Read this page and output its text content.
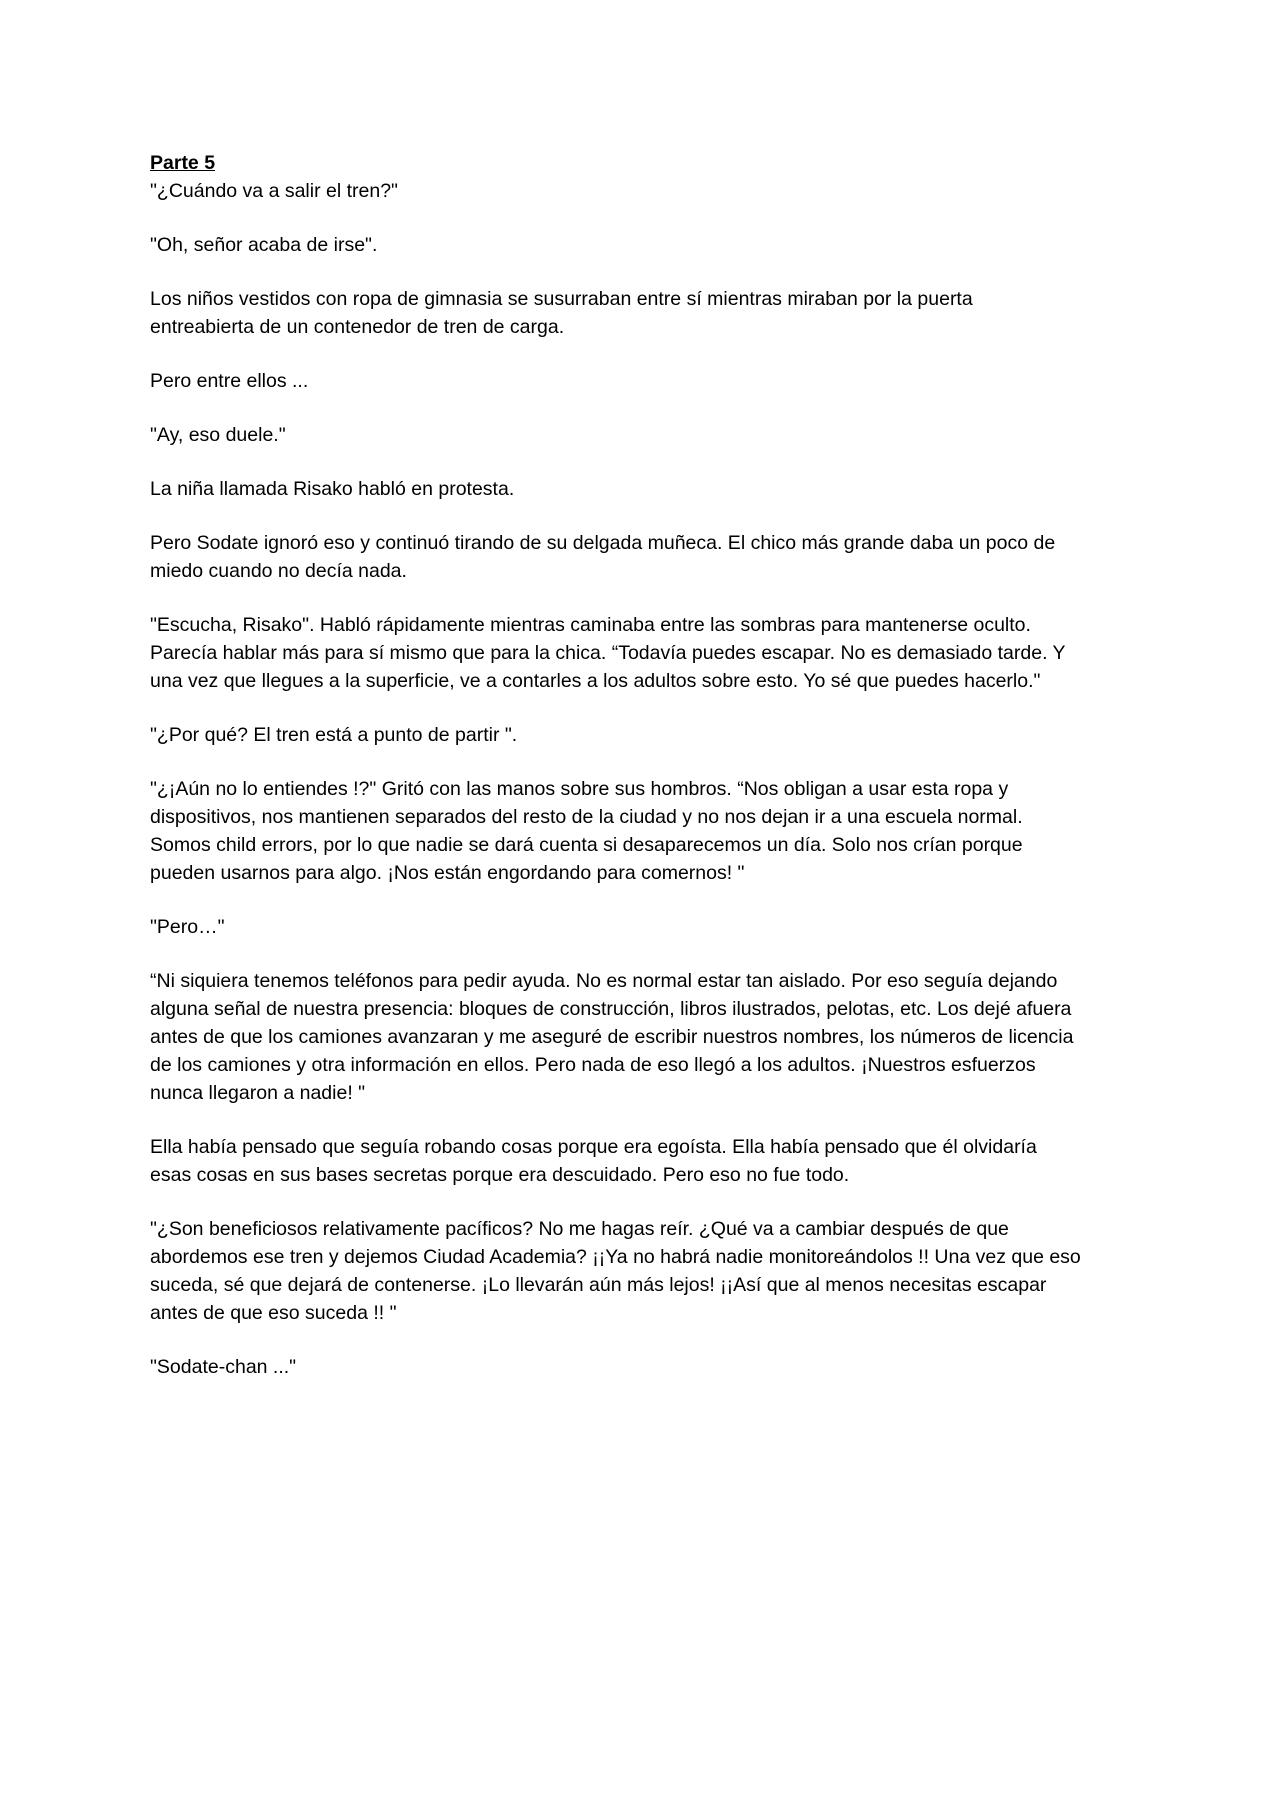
Parte 5

"¿Cuándo va a salir el tren?"

"Oh, señor acaba de irse".

Los niños vestidos con ropa de gimnasia se susurraban entre sí mientras miraban por la puerta entreabierta de un contenedor de tren de carga.

Pero entre ellos ...

"Ay, eso duele."

La niña llamada Risako habló en protesta.

Pero Sodate ignoró eso y continuó tirando de su delgada muñeca. El chico más grande daba un poco de miedo cuando no decía nada.

"Escucha, Risako". Habló rápidamente mientras caminaba entre las sombras para mantenerse oculto. Parecía hablar más para sí mismo que para la chica. “Todavía puedes escapar. No es demasiado tarde. Y una vez que llegues a la superficie, ve a contarles a los adultos sobre esto. Yo sé que puedes hacerlo."

"¿Por qué? El tren está a punto de partir ".

"¿¡Aún no lo entiendes !?" Gritó con las manos sobre sus hombros. “Nos obligan a usar esta ropa y dispositivos, nos mantienen separados del resto de la ciudad y no nos dejan ir a una escuela normal. Somos child errors, por lo que nadie se dará cuenta si desaparecemos un día. Solo nos crían porque pueden usarnos para algo. ¡Nos están engordando para comernos! "

"Pero…"

“Ni siquiera tenemos teléfonos para pedir ayuda. No es normal estar tan aislado. Por eso seguía dejando alguna señal de nuestra presencia: bloques de construcción, libros ilustrados, pelotas, etc. Los dejé afuera antes de que los camiones avanzaran y me aseguré de escribir nuestros nombres, los números de licencia de los camiones y otra información en ellos. Pero nada de eso llegó a los adultos. ¡Nuestros esfuerzos nunca llegaron a nadie! "

Ella había pensado que seguía robando cosas porque era egoísta. Ella había pensado que él olvidaría esas cosas en sus bases secretas porque era descuidado. Pero eso no fue todo.

"¿Son beneficiosos relativamente pacíficos? No me hagas reír. ¿Qué va a cambiar después de que abordemos ese tren y dejemos Ciudad Academia? ¡¡Ya no habrá nadie monitoreándolos !! Una vez que eso suceda, sé que dejará de contenerse. ¡Lo llevarán aún más lejos! ¡¡Así que al menos necesitas escapar antes de que eso suceda !! "

"Sodate-chan ..."
